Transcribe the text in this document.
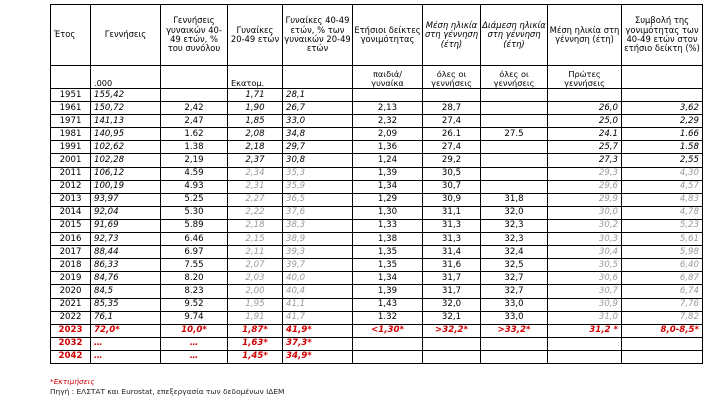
Έτος	Γεννήσεις	Γεννήσεις γυναικών 40-49 ετών, % του συνόλου	Γυναίκες 20-49 ετών	Γυναίκες 40-49 ετών, % των γυναικών 20-49 ετών	Ετήσιοι δείκτες γονιμότητας	Μέση ηλικία στη γέννηση (έτη)	Διάμεση ηλικία στη γέννηση (έτη)	Μέση ηλικία στη γέννηση (έτη)	Συμβολή της γονιμότητας των 40-49 ετών στον ετήσιο δείκτη (%)
	.000		Εκατομ.		παιδιά/ γυναίκα	όλες οι γεννήσεις	όλες οι γεννήσεις	Πρώτες γεννήσεις	
1951	155,42		1,71	28,1					
1961	150,72	2,42	1,90	26,7	2,13	28,7		26,0	3,62
1971	141,13	2,47	1,85	33,0	2,32	27,4		25,0	2,29
1981	140,95	1.62	2,08	34,8	2,09	26.1	27.5	24.1	1.66
1991	102,62	1.38	2,18	29,7	1,36	27,4		25,7	1.58
2001	102,28	2,19	2,37	30,8	1,24	29,2		27,3	2,55
2011	106,12	4.59	2,34	35,3	1,39	30,5		29,3	4,30
2012	100,19	4.93	2,31	35,9	1,34	30,7		29,6	4,57
2013	93,97	5.25	2,27	36,5	1,29	30,9	31,8	29,9	4,83
2014	92,04	5.30	2,22	37,6	1,30	31,1	32,0	30,0	4,78
2015	91,69	5.89	2,18	38,3	1,33	31,3	32,3	30,2	5,23
2016	92,73	6.46	2,15	38,9	1,38	31,3	32,3	30,3	5,61
2017	88,44	6.97	2,11	39,3	1,35	31,4	32,4	30,4	5,98
2018	86,33	7.55	2,07	39,7	1,35	31,6	32,5	30,5	6,40
2019	84,76	8.20	2,03	40,0	1,34	31,7	32,7	30,6	6,87
2020	84,5	8.23	2,00	40,4	1,39	31,7	32,7	30,7	6,74
2021	85,35	9.52	1,95	41,1	1,43	32,0	33,0	30,9	7,76
2022	76,1	9.74	1,91	41,7	1.32	32,1	33,0	31,0	7,82
2023	72,0*	10,0*	1,87*	41,9*	<1,30*	>32,2*	>33,2*	31,2 *	8,0-8,5*
2032	…	…	1,63*	37,3*					
2042	…	…	1,45*	34,9*					
*Εκτιμήσεις
Πηγή : ΕΛΣΤΑΤ και Eurostat, επεξεργασία των δεδομένων ΙΔΕΜ
